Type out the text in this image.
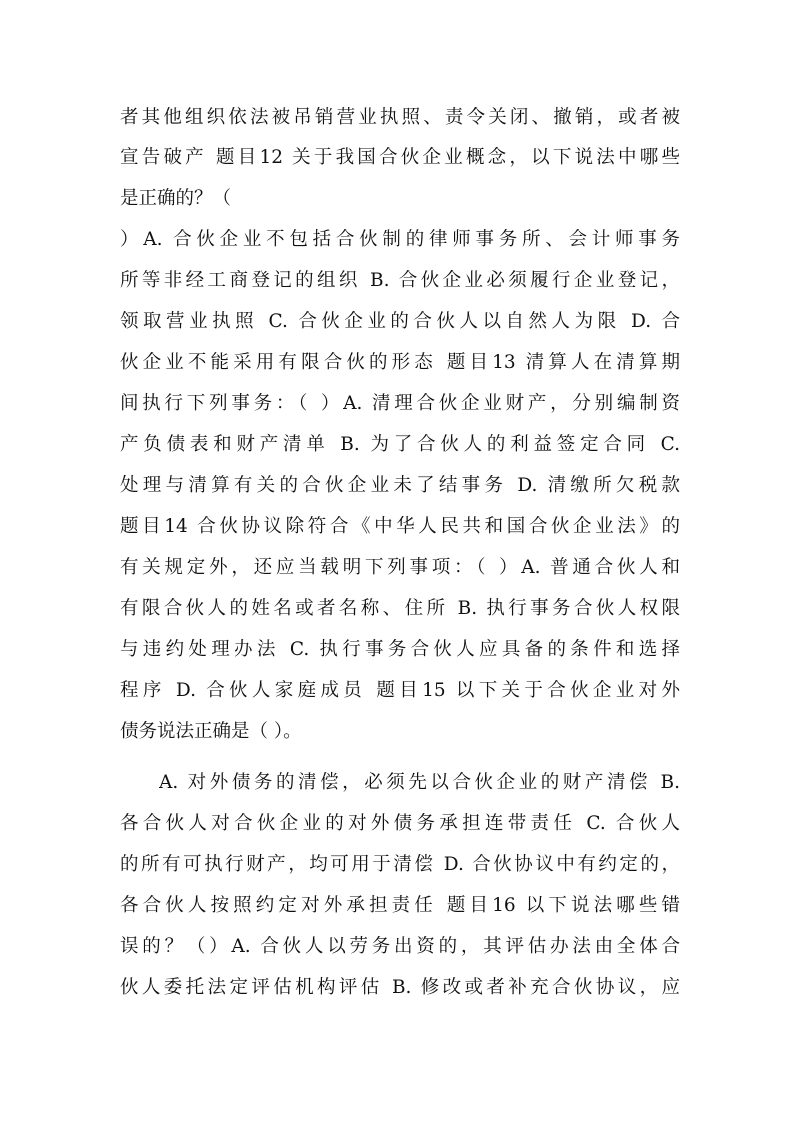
者其他组织依法被吊销营业执照、责令关闭、撤销，或者被
宣告破产 题目12 关于我国合伙企业概念，以下说法中哪些
是正确的？（
）A. 合伙企业不包括合伙制的律师事务所、会计师事务
所等非经工商登记的组织 B. 合伙企业必须履行企业登记，
领取营业执照 C. 合伙企业的合伙人以自然人为限 D. 合
伙企业不能采用有限合伙的形态 题目13 清算人在清算期
间执行下列事务：（ ）A. 清理合伙企业财产，分别编制资
产负债表和财产清单 B. 为了合伙人的利益签定合同 C.
处理与清算有关的合伙企业未了结事务 D. 清缴所欠税款
题目14 合伙协议除符合《中华人民共和国合伙企业法》的
有关规定外，还应当载明下列事项：（ ）A. 普通合伙人和
有限合伙人的姓名或者名称、住所 B. 执行事务合伙人权限
与违约处理办法 C. 执行事务合伙人应具备的条件和选择
程序 D. 合伙人家庭成员 题目15 以下关于合伙企业对外
债务说法正确是（ ）。
A. 对外债务的清偿，必须先以合伙企业的财产清偿 B.
各合伙人对合伙企业的对外债务承担连带责任 C. 合伙人
的所有可执行财产，均可用于清偿 D. 合伙协议中有约定的，
各合伙人按照约定对外承担责任 题目16 以下说法哪些错
误的？（）A. 合伙人以劳务出资的，其评估办法由全体合
伙人委托法定评估机构评估 B. 修改或者补充合伙协议，应
